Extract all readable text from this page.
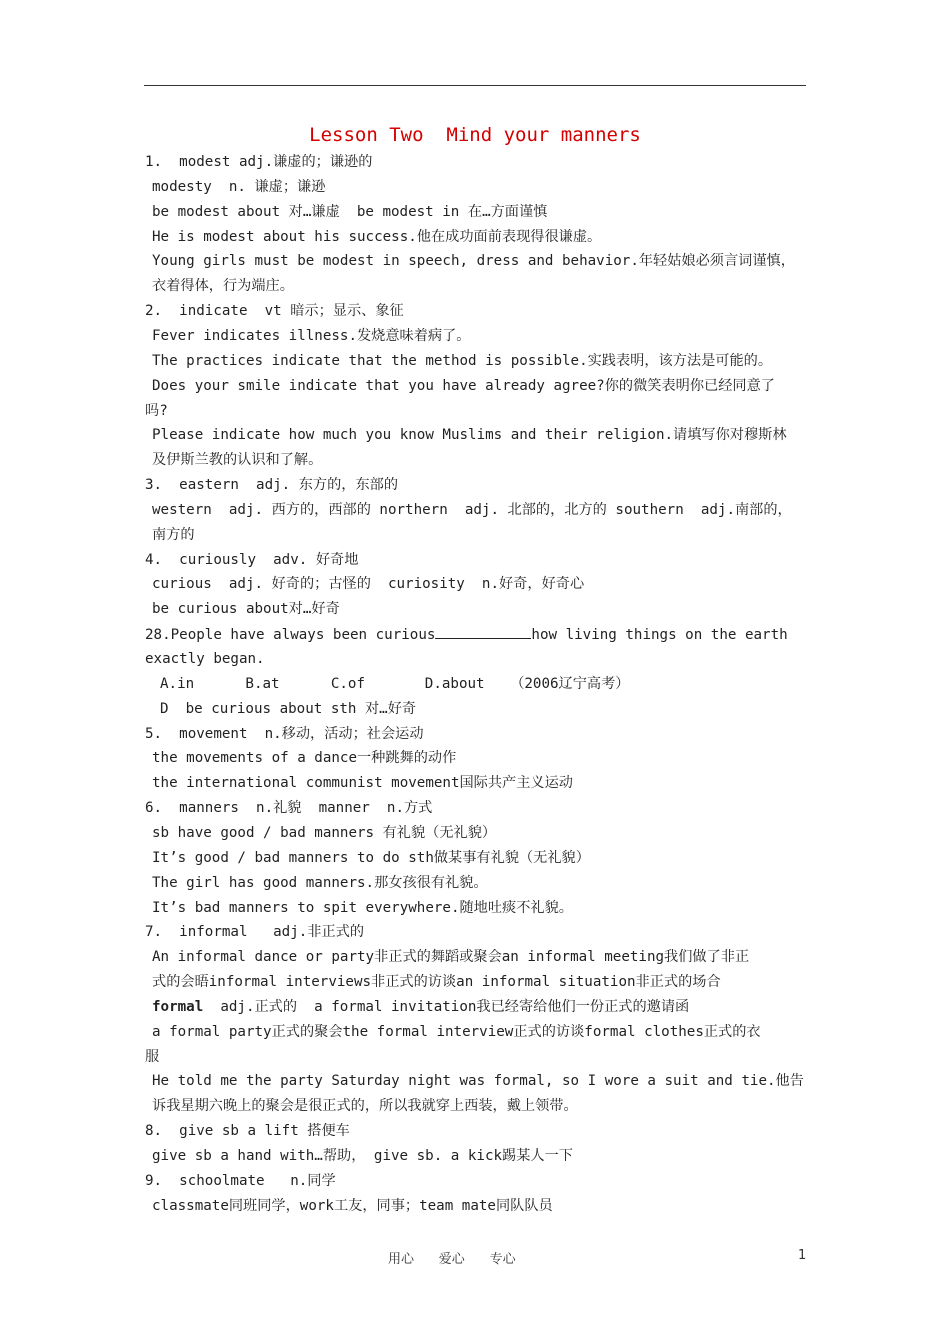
Lesson Two  Mind your manners
1.  modest adj.谦虚的；谦逊的
modesty  n. 谦虚；谦逊
be modest about 对…谦虚  be modest in 在…方面谨慎
He is modest about his success.他在成功面前表现得很谦虚。
Young girls must be modest in speech, dress and behavior.年轻姑娘必须言词谨慎，
衣着得体，行为端庄。
2.  indicate  vt 暗示；显示、象征
Fever indicates illness.发烧意味着病了。
The practices indicate that the method is possible.实践表明，该方法是可能的。
Does your smile indicate that you have already agree?你的微笑表明你已经同意了
吗?
Please indicate how much you know Muslims and their religion.请填写你对穆斯林
及伊斯兰教的认识和了解。
3.  eastern  adj. 东方的，东部的
western  adj. 西方的，西部的 northern  adj. 北部的，北方的 southern  adj.南部的，
南方的
4.  curiously  adv. 好奇地
curious  adj. 好奇的；古怪的  curiosity  n.好奇，好奇心
be curious about对…好奇
28.People have always been curious	how living things on the earth
exactly began.
A.in      B.at      C.of       D.about   （2006辽宁高考）
D  be curious about sth 对…好奇
5.  movement  n.移动，活动；社会运动
the movements of a dance一种跳舞的动作
the international communist movement国际共产主义运动
6.  manners  n.礼貌  manner  n.方式
sb have good / bad manners 有礼貌（无礼貌）
It’s good / bad manners to do sth做某事有礼貌（无礼貌）
The girl has good manners.那女孩很有礼貌。
It’s bad manners to spit everywhere.随地吐痰不礼貌。
7.  informal   adj.非正式的
An informal dance or party非正式的舞蹈或聚会an informal meeting我们做了非正
式的会晤informal interviews非正式的访谈an informal situation非正式的场合
formal  adj.正式的  a formal invitation我已经寄给他们一份正式的邀请函
a formal party正式的聚会the formal interview正式的访谈formal clothes正式的衣
服
He told me the party Saturday night was formal, so I wore a suit and tie.他告
诉我星期六晚上的聚会是很正式的，所以我就穿上西装，戴上领带。
8.  give sb a lift 搭便车
give sb a hand with…帮助， give sb. a kick踢某人一下
9.  schoolmate   n.同学
classmate同班同学，work工友，同事；team mate同队队员
用心      爱心      专心	1
